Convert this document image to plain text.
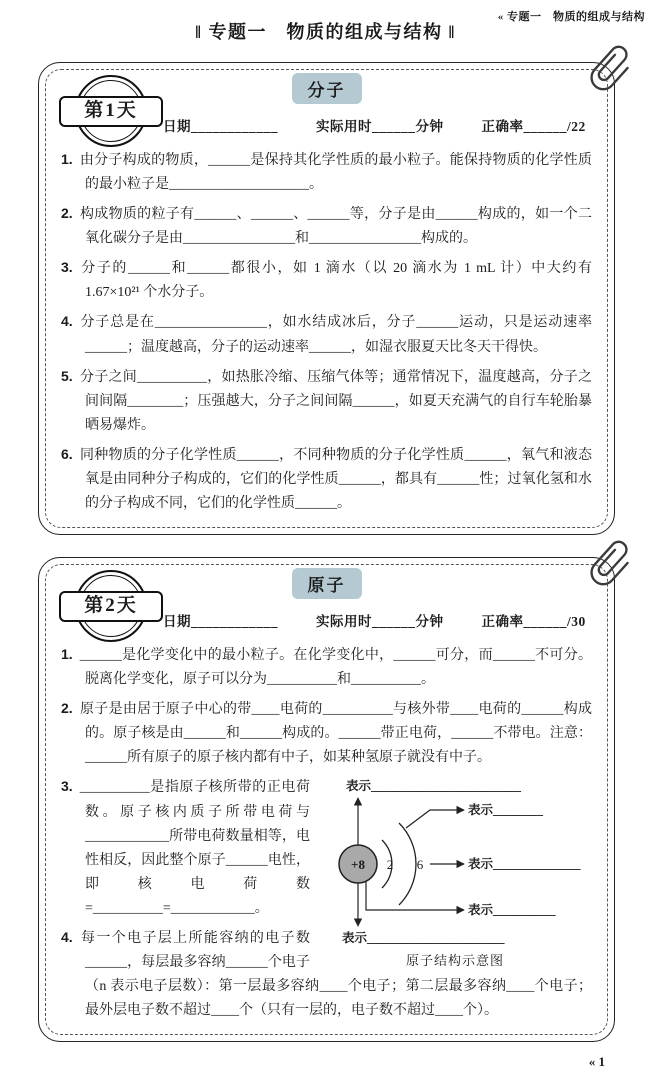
« 专题一　物质的组成与结构
‖ 专题一　物质的组成与结构 ‖
第1天
分子
日期____________	实际用时______分钟	正确率______/22

1. 由分子构成的物质，______是保持其化学性质的最小粒子。能保持物质的化学性质的最小粒子是____________________。

2. 构成物质的粒子有______、______、______等，分子是由______构成的，如一个二氧化碳分子是由________________和________________构成的。

3. 分子的______和______都很小，如 1 滴水（以 20 滴水为 1 mL 计）中大约有 1.67×10²¹ 个水分子。

4. 分子总是在________________，如水结成冰后，分子______运动，只是运动速率______；温度越高，分子的运动速率______，如湿衣服夏天比冬天干得快。

5. 分子之间__________，如热胀冷缩、压缩气体等；通常情况下，温度越高，分子之间间隔________；压强越大，分子之间间隔______，如夏天充满气的自行车轮胎暴晒易爆炸。

6. 同种物质的分子化学性质______，不同种物质的分子化学性质______，氧气和液态氧是由同种分子构成的，它们的化学性质______，都具有______性；过氧化氢和水的分子构成不同，它们的化学性质______。

第2天
原子
日期____________	实际用时______分钟	正确率______/30

1. ______是化学变化中的最小粒子。在化学变化中，______可分，而______不可分。脱离化学变化，原子可以分为__________和__________。

2. 原子是由居于原子中心的带____电荷的__________与核外带____电荷的______构成的。原子核是由______和______构成的。______带正电荷，______不带电。注意：______所有原子的原子核内都有中子，如某种氢原子就没有中子。

+8 2 6
表示________________________
表示________
表示______________
表示__________
表示______________________
原子结构示意图

3. __________是指原子核所带的正电荷数。原子核内质子所带电荷与____________所带电荷数量相等，电性相反，因此整个原子______电性，即核电荷数=__________=____________。

4. 每一个电子层上所能容纳的电子数______，每层最多容纳______个电子（n 表示电子层数）：第一层最多容纳____个电子；第二层最多容纳____个电子；最外层电子数不超过____个（只有一层的，电子数不超过____个）。

« 1
